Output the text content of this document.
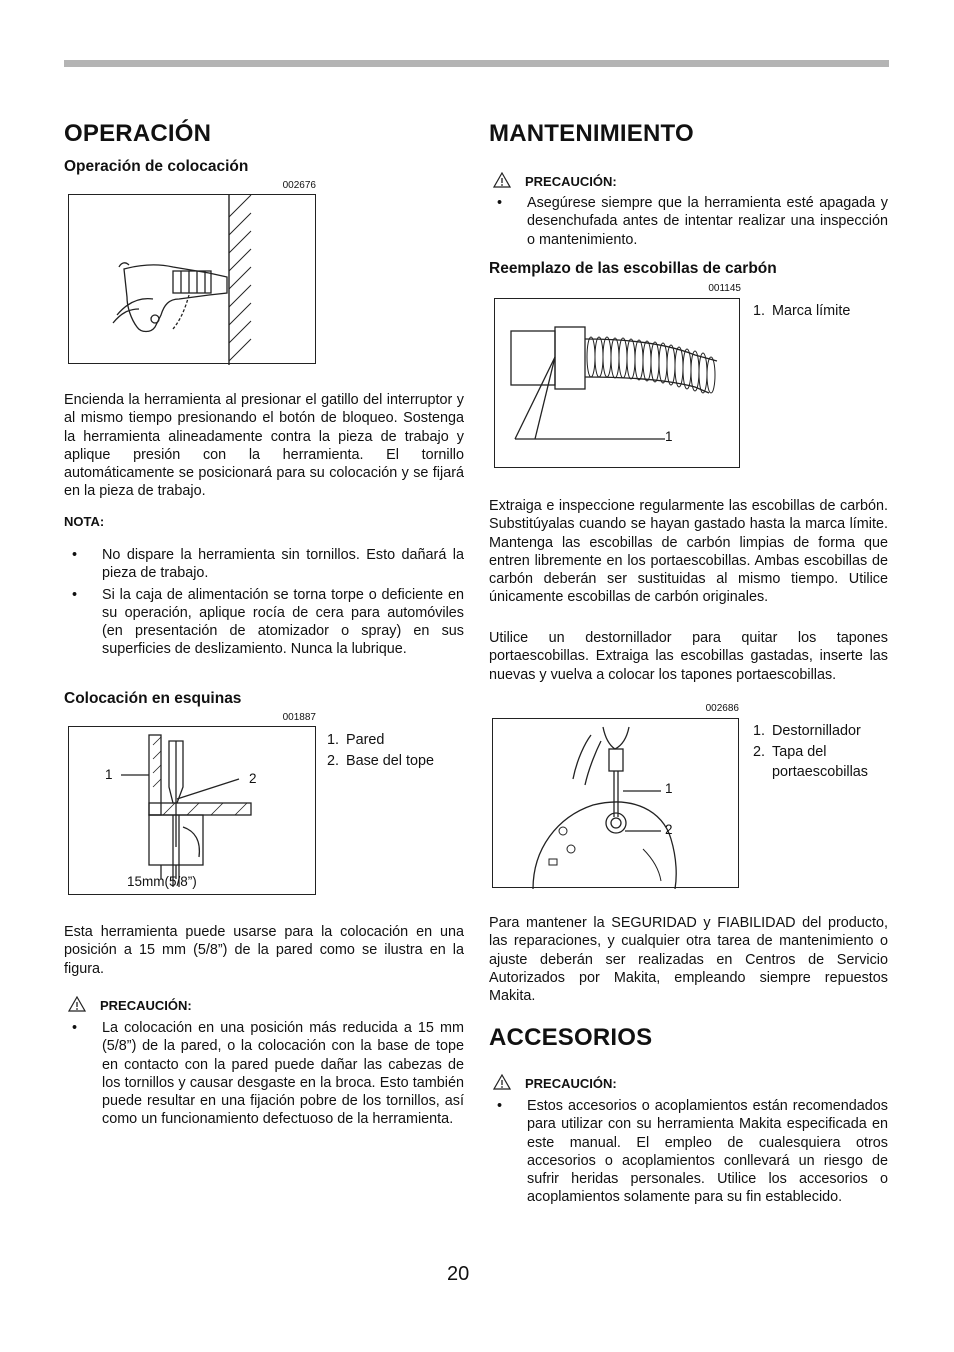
OPERACIÓN
Operación de colocación
002676
Encienda la herramienta al presionar el gatillo del interruptor y al mismo tiempo presionando el botón de bloqueo. Sostenga la herramienta alineadamente contra la pieza de trabajo y aplique presión con la herramienta. El tornillo automáticamente se posicionará para su colocación y se fijará en la pieza de trabajo.
NOTA:
• No dispare la herramienta sin tornillos. Esto dañará la pieza de trabajo.
• Si la caja de alimentación se torna torpe o deficiente en su operación, aplique rocía de cera para automóviles (en presentación de atomizador o spray) en sus superficies de deslizamiento. Nunca la lubrique.
Colocación en esquinas
001887
1	2
15mm(5/8”)
1. Pared
2. Base del tope
Esta herramienta puede usarse para la colocación en una posición a 15 mm (5/8”) de la pared como se ilustra en la figura.
PRECAUCIÓN:
• La colocación en una posición más reducida a 15 mm (5/8”) de la pared, o la colocación con la base de tope en contacto con la pared puede dañar las cabezas de los tornillos y causar desgaste en la broca. Esto también puede resultar en una fijación pobre de los tornillos, así como un funcionamiento defectuoso de la herramienta.
MANTENIMIENTO
PRECAUCIÓN:
• Asegúrese siempre que la herramienta esté apagada y desenchufada antes de intentar realizar una inspección o mantenimiento.
Reemplazo de las escobillas de carbón
001145
1
1. Marca límite
Extraiga e inspeccione regularmente las escobillas de carbón. Substitúyalas cuando se hayan gastado hasta la marca límite. Mantenga las escobillas de carbón limpias de forma que entren libremente en los portaescobillas. Ambas escobillas de carbón deberán ser sustituidas al mismo tiempo. Utilice únicamente escobillas de carbón originales.
Utilice un destornillador para quitar los tapones portaescobillas. Extraiga las escobillas gastadas, inserte las nuevas y vuelva a colocar los tapones portaescobillas.
002686
1
2
1. Destornillador
2. Tapa del portaescobillas
Para mantener la SEGURIDAD y FIABILIDAD del producto, las reparaciones, y cualquier otra tarea de mantenimiento o ajuste deberán ser realizadas en Centros de Servicio Autorizados por Makita, empleando siempre repuestos Makita.
ACCESORIOS
PRECAUCIÓN:
• Estos accesorios o acoplamientos están recomendados para utilizar con su herramienta Makita especificada en este manual. El empleo de cualesquiera otros accesorios o acoplamientos conllevará un riesgo de sufrir heridas personales. Utilice los accesorios o acoplamientos solamente para su fin establecido.
20
